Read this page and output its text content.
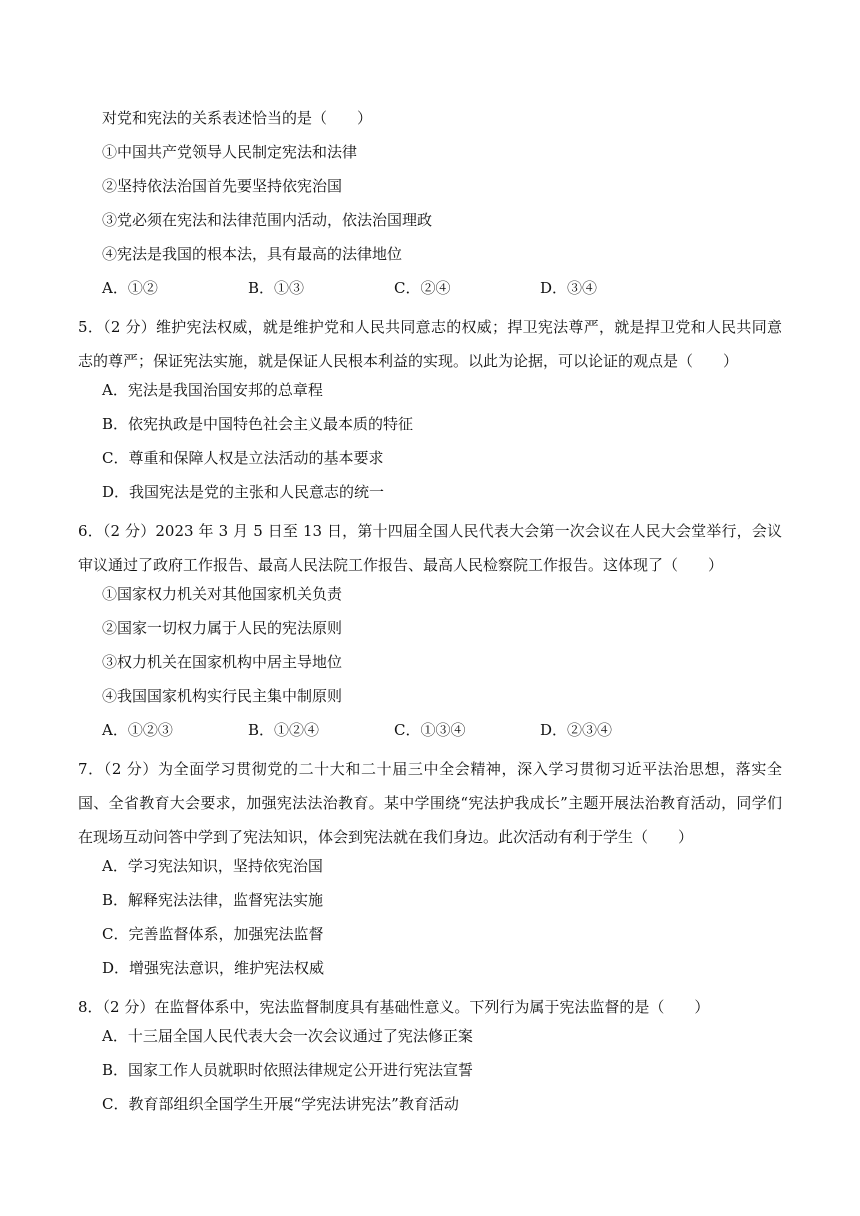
对党和宪法的关系表述恰当的是（　　）
①中国共产党领导人民制定宪法和法律
②坚持依法治国首先要坚持依宪治国
③党必须在宪法和法律范围内活动，依法治国理政
④宪法是我国的根本法，具有最高的法律地位
A．①②	B．①③	C．②④	D．③④
5．（2 分）维护宪法权威，就是维护党和人民共同意志的权威；捍卫宪法尊严，就是捍卫党和人民共同意志的尊严；保证宪法实施，就是保证人民根本利益的实现。以此为论据，可以论证的观点是（　　）
A．宪法是我国治国安邦的总章程
B．依宪执政是中国特色社会主义最本质的特征
C．尊重和保障人权是立法活动的基本要求
D．我国宪法是党的主张和人民意志的统一
6．（2 分）2023 年 3 月 5 日至 13 日，第十四届全国人民代表大会第一次会议在人民大会堂举行，会议审议通过了政府工作报告、最高人民法院工作报告、最高人民检察院工作报告。这体现了（　　）
①国家权力机关对其他国家机关负责
②国家一切权力属于人民的宪法原则
③权力机关在国家机构中居主导地位
④我国国家机构实行民主集中制原则
A．①②③	B．①②④	C．①③④	D．②③④
7．（2 分）为全面学习贯彻党的二十大和二十届三中全会精神，深入学习贯彻习近平法治思想，落实全国、全省教育大会要求，加强宪法法治教育。某中学围绕“宪法护我成长”主题开展法治教育活动，同学们在现场互动问答中学到了宪法知识，体会到宪法就在我们身边。此次活动有利于学生（　　）
A．学习宪法知识，坚持依宪治国
B．解释宪法法律，监督宪法实施
C．完善监督体系，加强宪法监督
D．增强宪法意识，维护宪法权威
8．（2 分）在监督体系中，宪法监督制度具有基础性意义。下列行为属于宪法监督的是（　　）
A．十三届全国人民代表大会一次会议通过了宪法修正案
B．国家工作人员就职时依照法律规定公开进行宪法宣誓
C．教育部组织全国学生开展“学宪法讲宪法”教育活动
